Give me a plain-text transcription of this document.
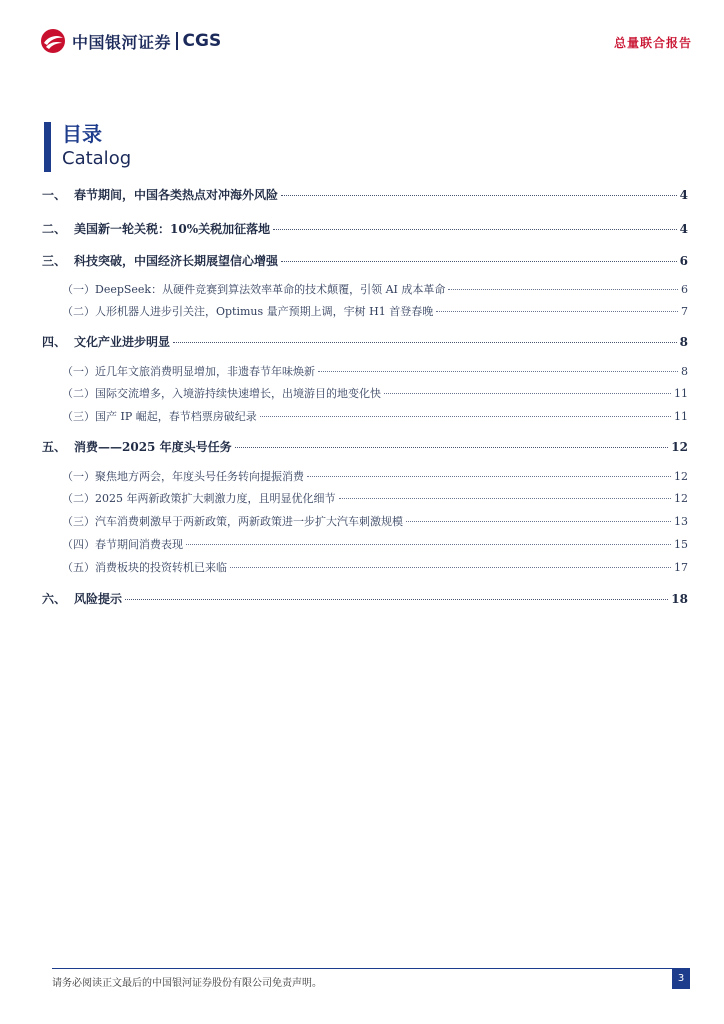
中国银河证券 CGS	总量联合报告
目录
Catalog
一、 春节期间，中国各类热点对冲海外风险	4
二、 美国新一轮关税：10%关税加征落地	4
三、 科技突破，中国经济长期展望信心增强	6
（一） DeepSeek：从硬件竞赛到算法效率革命的技术颠覆，引领 AI 成本革命	6
（二） 人形机器人进步引关注，Optimus 量产预期上调，宇树 H1 首登春晚	7
四、 文化产业进步明显	8
（一） 近几年文旅消费明显增加，非遗春节年味焕新	8
（二） 国际交流增多，入境游持续快速增长，出境游目的地变化快	11
（三） 国产 IP 崛起，春节档票房破纪录	11
五、 消费——2025 年度头号任务	12
（一） 聚焦地方两会，年度头号任务转向提振消费	12
（二） 2025 年两新政策扩大刺激力度，且明显优化细节	12
（三） 汽车消费刺激早于两新政策，两新政策进一步扩大汽车刺激规模	13
（四） 春节期间消费表现	15
（五） 消费板块的投资转机已来临	17
六、 风险提示	18
请务必阅读正文最后的中国银河证券股份有限公司免责声明。	3
